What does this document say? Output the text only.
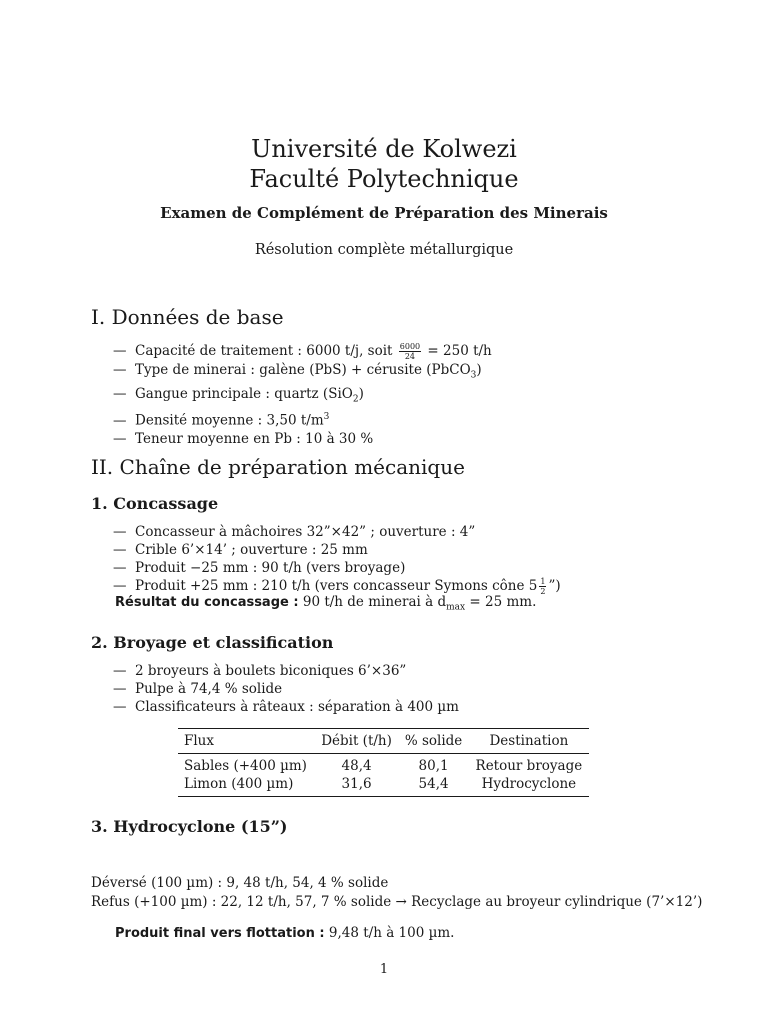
Université de Kolwezi
Faculté Polytechnique
Examen de Complément de Préparation des Minerais
Résolution complète métallurgique
I. Données de base
— Capacité de traitement : 6000 t/j, soit $\frac{6000}{24} = 250$ t/h
— Type de minerai : galène (PbS) + cérusite (PbCO$_3$)
— Gangue principale : quartz (SiO$_2$)
— Densité moyenne : 3,50 $t/m^3$
— Teneur moyenne en Pb : 10 à 30 %
II. Chaîne de préparation mécanique
1. Concassage
— Concasseur à mâchoires 32”×42” ; ouverture : 4”
— Crible 6’×14’ ; ouverture : 25 mm
— Produit −25 mm : 90 t/h (vers broyage)
— Produit +25 mm : 210 t/h (vers concasseur Symons cône $5 \frac{1}{2}$ ”)
Résultat du concassage : 90 t/h de minerai à $d_{max} = 25$ mm.
2. Broyage et classification
— 2 broyeurs à boulets biconiques 6’×36”
— Pulpe à 74,4 % solide
— Classificateurs à râteaux : séparation à 400 µm
Flux	Débit (t/h)	% solide	Destination
Sables (+400 µm)	48,4	80,1	Retour broyage
Limon (400 µm)	31,6	54,4	Hydrocyclone
3. Hydrocyclone (15”)
Déversé (100 µm) : 9, 48 t/h, 54, 4 % solide
Refus (+100 µm) : 22, 12 t/h, 57, 7 % solide → Recyclage au broyeur cylindrique (7’×12’)
Produit final vers flottation : 9,48 t/h à 100 µm.
1
